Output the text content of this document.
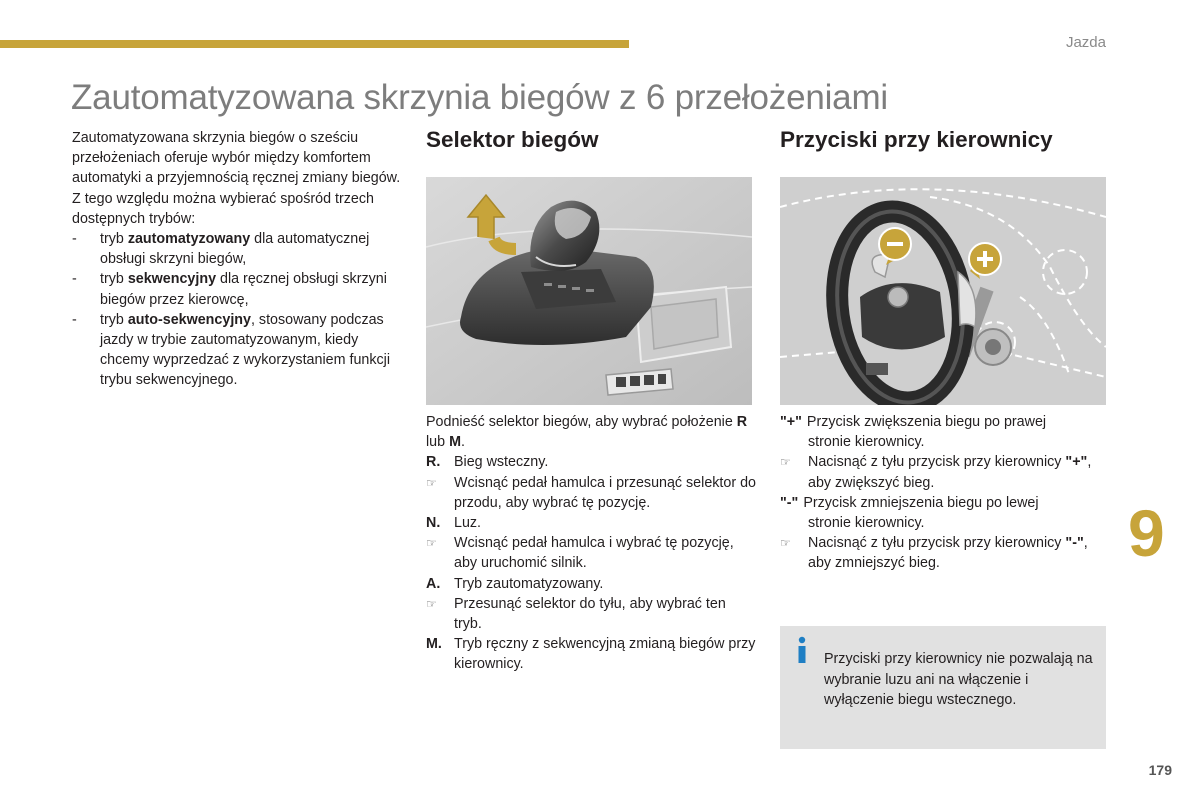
Jazda
Zautomatyzowana skrzynia biegów z 6 przełożeniami

Zautomatyzowana skrzynia biegów o sześciu przełożeniach oferuje wybór między komfortem automatyki a przyjemnością ręcznej zmiany biegów.

Z tego względu można wybierać spośród trzech dostępnych trybów:

-	tryb zautomatyzowany dla automatycznej obsługi skrzyni biegów,
-	tryb sekwencyjny dla ręcznej obsługi skrzyni biegów przez kierowcę,
-	tryb auto-sekwencyjny, stosowany podczas jazdy w trybie zautomatyzowanym, kiedy chcemy wyprzedzać z wykorzystaniem funkcji trybu sekwencyjnego.
Selektor biegów

Podnieść selektor biegów, aby wybrać położenie R lub M.

R. Bieg wsteczny.
☞	Wcisnąć pedał hamulca i przesunąć selektor do przodu, aby wybrać tę pozycję.
N. Luz.
☞	Wcisnąć pedał hamulca i wybrać tę pozycję, aby uruchomić silnik.
A. Tryb zautomatyzowany.
☞	Przesunąć selektor do tyłu, aby wybrać ten tryb.
M. Tryb ręczny z sekwencyjną zmianą biegów przy kierownicy.
Przyciski przy kierownicy
"+" Przycisk zwiększenia biegu po prawej

stronie kierownicy.

☞	Nacisnąć z tyłu przycisk przy kierownicy "+", aby zwiększyć bieg.
"-" Przycisk zmniejszenia biegu po lewej

stronie kierownicy.

☞	Nacisnąć z tyłu przycisk przy kierownicy "-", aby zmniejszyć bieg.

Przyciski przy kierownicy nie pozwalają na wybranie luzu ani na włączenie i wyłączenie biegu wstecznego.

9
179
